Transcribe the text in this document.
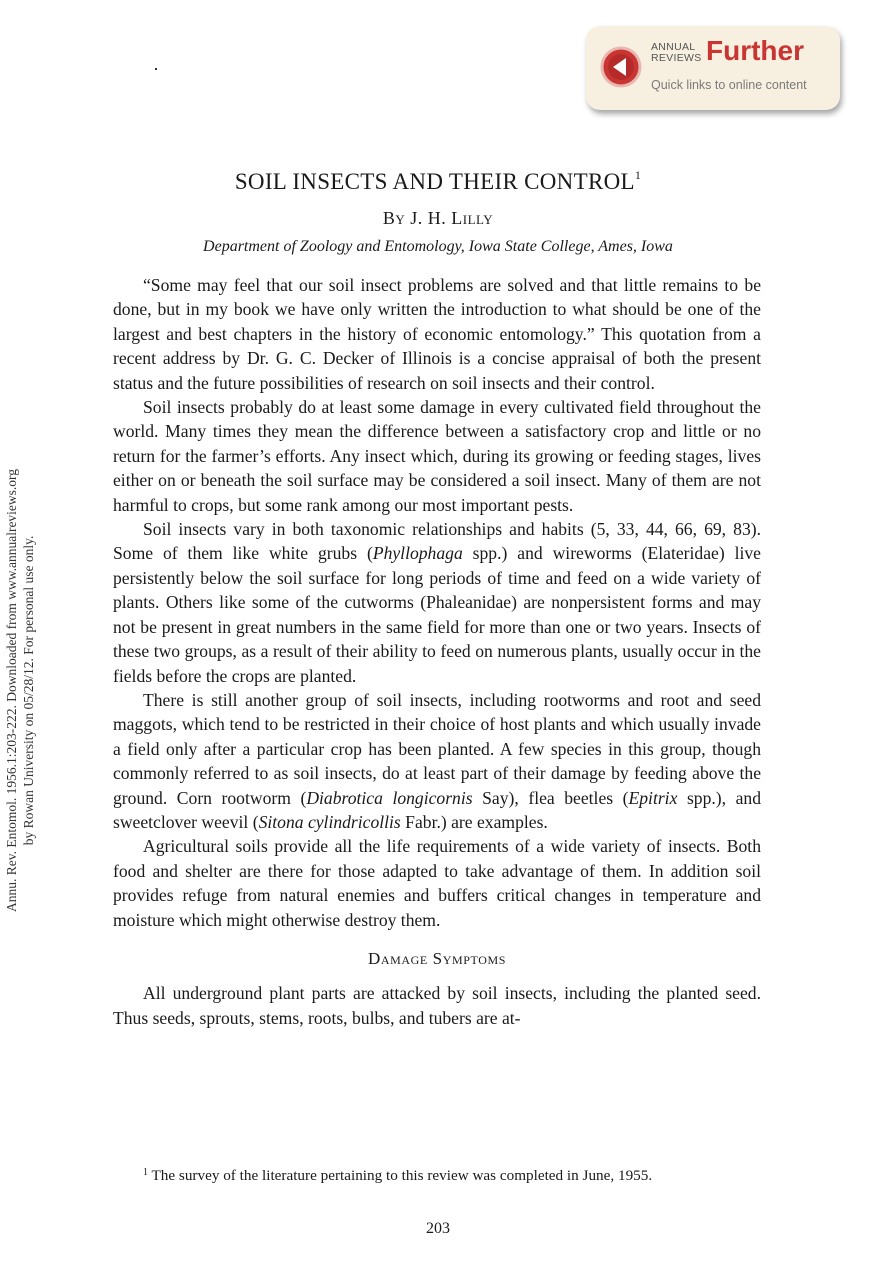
ANNUAL
REVIEWS Further
Quick links to online content
Annu. Rev. Entomol. 1956.1:203-222. Downloaded from www.annualreviews.org by Rowan University on 05/28/12. For personal use only.
SOIL INSECTS AND THEIR CONTROL$^1$
By J. H. Lilly
Department of Zoology and Entomology, Iowa State College, Ames, Iowa

“Some may feel that our soil insect problems are solved and that little remains to be done, but in my book we have only written the introduction to what should be one of the largest and best chapters in the history of economic entomology.” This quotation from a recent address by Dr. G. C. Decker of Illinois is a concise appraisal of both the present status and the future possibilities of research on soil insects and their control.

Soil insects probably do at least some damage in every cultivated field throughout the world. Many times they mean the difference between a satisfactory crop and little or no return for the farmer’s efforts. Any insect which, during its growing or feeding stages, lives either on or beneath the soil surface may be considered a soil insect. Many of them are not harmful to crops, but some rank among our most important pests.

Soil insects vary in both taxonomic relationships and habits (5, 33, 44, 66, 69, 83). Some of them like white grubs (Phyllophaga spp.) and wireworms (Elateridae) live persistently below the soil surface for long periods of time and feed on a wide variety of plants. Others like some of the cutworms (Phaleanidae) are nonpersistent forms and may not be present in great numbers in the same field for more than one or two years. Insects of these two groups, as a result of their ability to feed on numerous plants, usually occur in the fields before the crops are planted.

There is still another group of soil insects, including rootworms and root and seed maggots, which tend to be restricted in their choice of host plants and which usually invade a field only after a particular crop has been planted. A few species in this group, though commonly referred to as soil insects, do at least part of their damage by feeding above the ground. Corn rootworm (Diabrotica longicornis Say), flea beetles (Epitrix spp.), and sweetclover weevil (Sitona cylindricollis Fabr.) are examples.

Agricultural soils provide all the life requirements of a wide variety of insects. Both food and shelter are there for those adapted to take advantage of them. In addition soil provides refuge from natural enemies and buffers critical changes in temperature and moisture which might otherwise destroy them.

Damage Symptoms

All underground plant parts are attacked by soil insects, including the planted seed. Thus seeds, sprouts, stems, roots, bulbs, and tubers are at-

$^1$ The survey of the literature pertaining to this review was completed in June, 1955.
203
